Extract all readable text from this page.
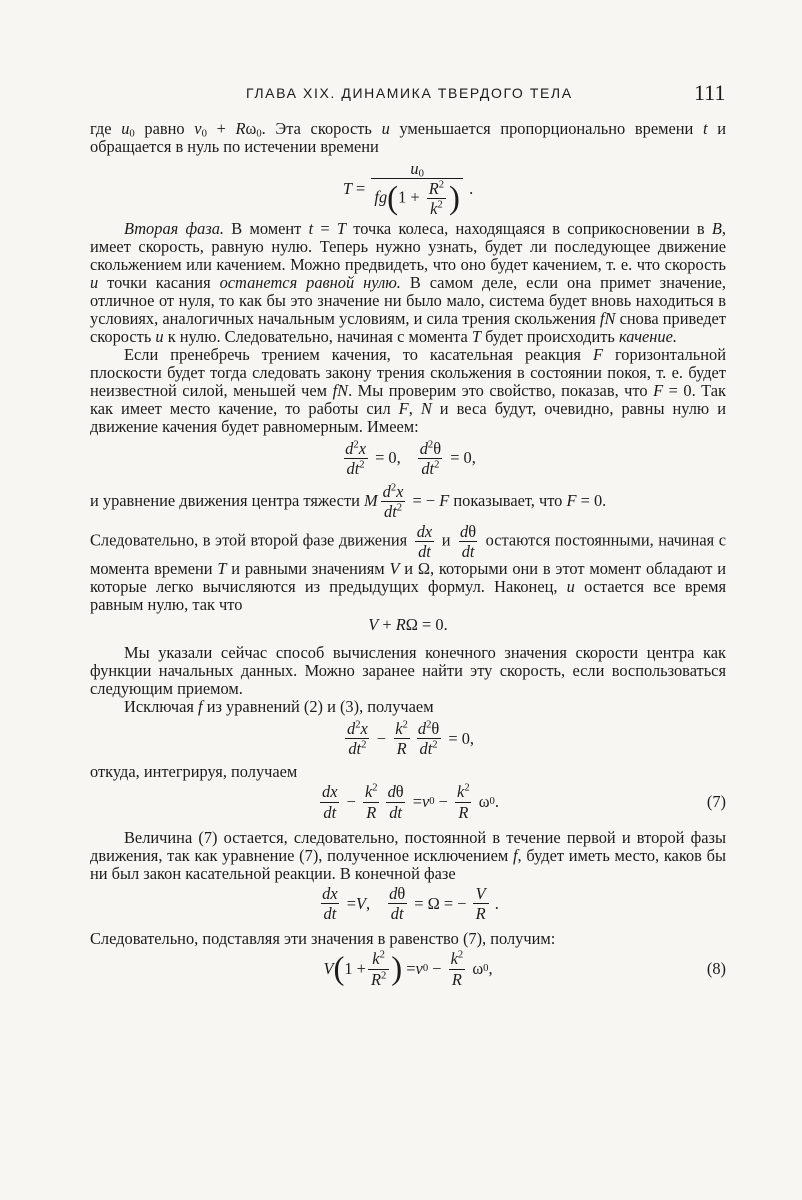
ГЛАВА XIX. ДИНАМИКА ТВЕРДОГО ТЕЛА	111

где $u_0$ равно $v_0 + R\omega_0$. Эта скорость u уменьшается пропорционально времени t и обращается в нуль по истечении времени

$T = \frac{u_0}{fg(1 + \frac{R^2}{k^2} )}$ .

Вторая фаза. В момент t = T точка колеса, находящаяся в соприкосновении в B, имеет скорость, равную нулю. Теперь нужно узнать, будет ли последующее движение скольжением или качением. Можно предвидеть, что оно будет качением, т. е. что скорость u точки касания останется равной нулю. В самом деле, если она примет значение, отличное от нуля, то как бы это значение ни было мало, система будет вновь находиться в условиях, аналогичных начальным условиям, и сила трения скольжения fN снова приведет скорость u к нулю. Следовательно, начиная с момента T будет происходить качение.

Если пренебречь трением качения, то касательная реакция F горизонтальной плоскости будет тогда следовать закону трения скольжения в состоянии покоя, т. е. будет неизвестной силой, меньшей чем fN. Мы проверим это свойство, показав, что F = 0. Так как имеет место качение, то работы сил F, N и веса будут, очевидно, равны нулю и движение качения будет равномерным. Имеем:

$\frac{d^2x}{dt^2} = 0$, $\frac{d^2\theta}{dt^2} = 0$,

и уравнение движения центра тяжести M $\frac{d^2x}{dt^2}$ = − F показывает, что F = 0.

Следовательно, в этой второй фазе движения $\frac{dx}{dt}$ и $\frac{d\theta}{dt}$ остаются постоянными, начиная с момента времени T и равными значениям V и Ω, которыми они в этот момент обладают и которые легко вычисляются из предыдущих формул. Наконец, u остается все время равным нулю, так что

V + R Ω = 0.

Мы указали сейчас способ вычисления конечного значения скорости центра как функции начальных данных. Можно заранее найти эту скорость, если воспользоваться следующим приемом.

Исключая f из уравнений (2) и (3), получаем

$\frac{d^2x}{dt^2} - \frac{k^2}{R} \frac{d^2\theta}{dt^2} = 0$,

откуда, интегрируя, получаем

$\frac{dx}{dt} - \frac{k^2}{R} \frac{d\theta}{dt} = v$ $0 - \frac{k^2}{R}$ ω 0 .	(7)

Величина (7) остается, следовательно, постоянной в течение первой и второй фазы движения, так как уравнение (7), полученное исключением f, будет иметь место, каков бы ни был закон касательной реакции. В конечной фазе

$\frac{dx}{dt} = V$ , $\frac{d\theta}{dt} = \Omega$ = − $\frac{V}{R}$ .

Следовательно, подставляя эти значения в равенство (7), получим:

V ( $1 + \frac{k^2}{R^2}$ ) = v $0 - \frac{k^2}{R}$ ω 0 ,	(8)
